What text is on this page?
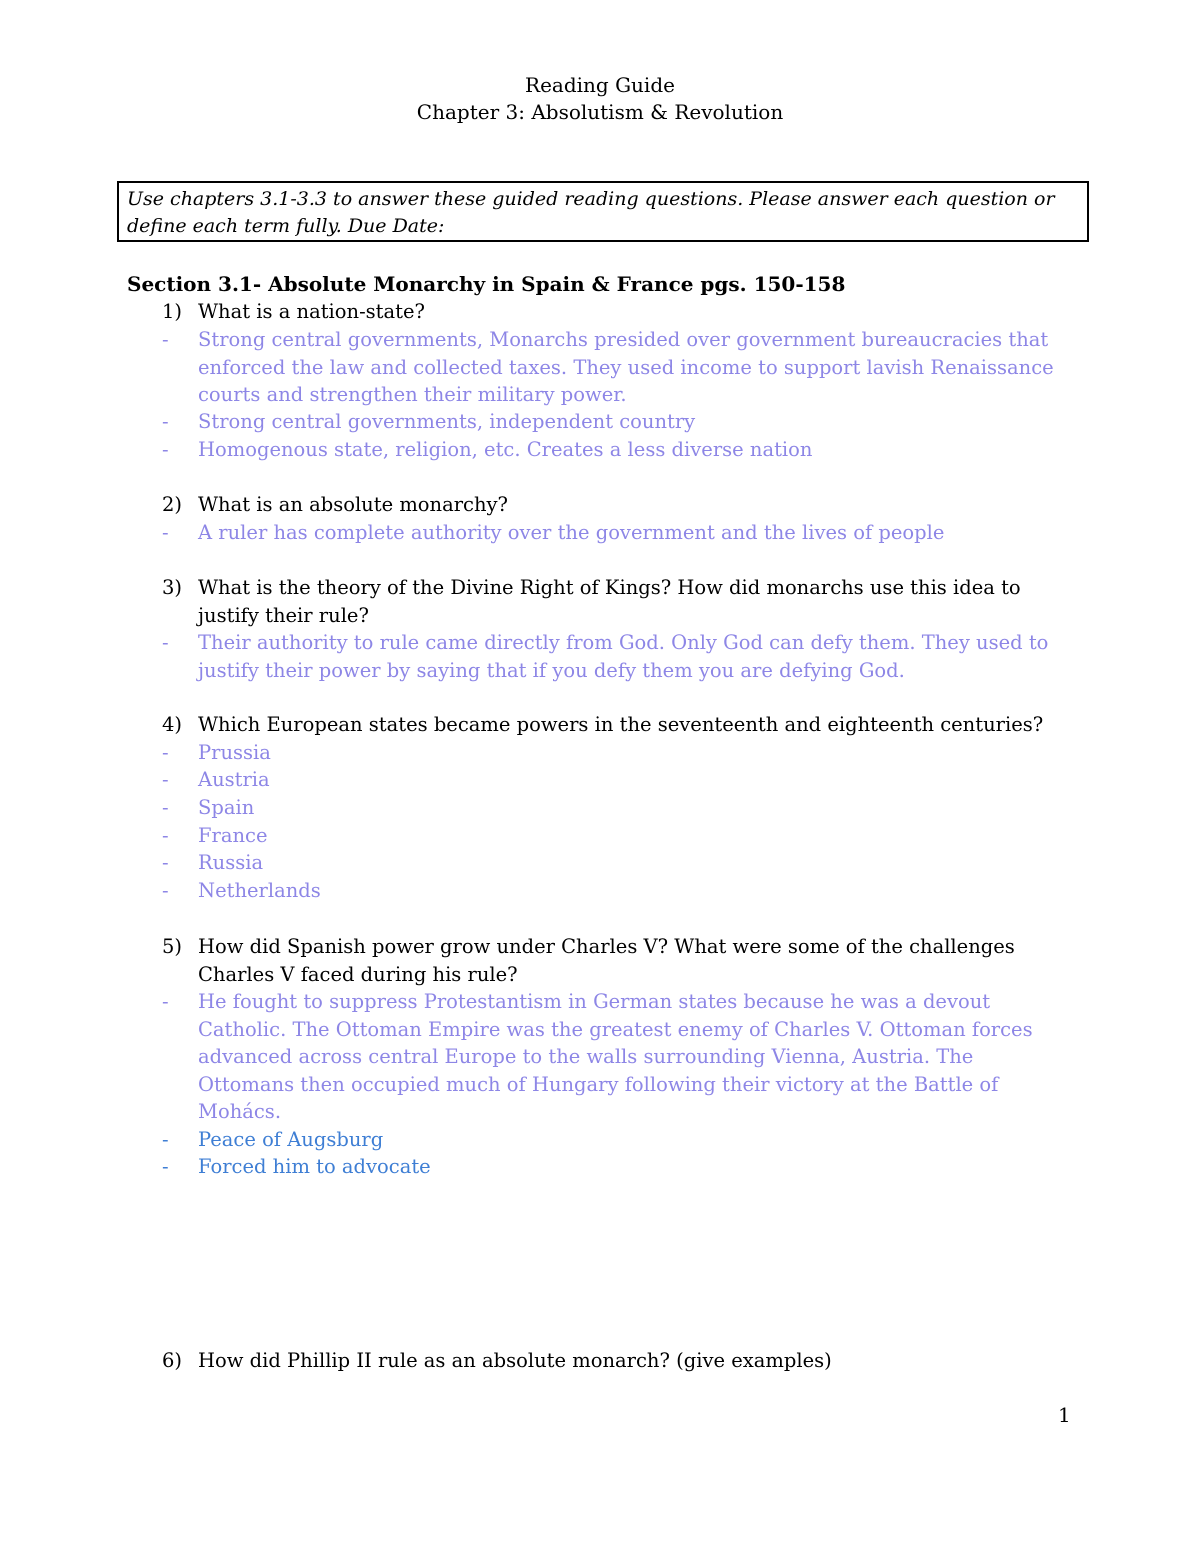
Reading Guide
Chapter 3: Absolutism & Revolution
Use chapters 3.1-3.3 to answer these guided reading questions. Please answer each question or define each term fully. Due Date:
Section 3.1- Absolute Monarchy in Spain & France pgs. 150-158
1) What is a nation-state?
-	Strong central governments, Monarchs presided over government bureaucracies that enforced the law and collected taxes. They used income to support lavish Renaissance courts and strengthen their military power.
-	Strong central governments, independent country
-	Homogenous state, religion, etc. Creates a less diverse nation
2) What is an absolute monarchy?
-	A ruler has complete authority over the government and the lives of people
3) What is the theory of the Divine Right of Kings? How did monarchs use this idea to justify their rule?
-	Their authority to rule came directly from God. Only God can defy them. They used to justify their power by saying that if you defy them you are defying God.
4) Which European states became powers in the seventeenth and eighteenth centuries?
-	Prussia
-	Austria
-	Spain
-	France
-	Russia
-	Netherlands
5) How did Spanish power grow under Charles V? What were some of the challenges Charles V faced during his rule?
-	He fought to suppress Protestantism in German states because he was a devout Catholic. The Ottoman Empire was the greatest enemy of Charles V. Ottoman forces advanced across central Europe to the walls surrounding Vienna, Austria. The Ottomans then occupied much of Hungary following their victory at the Battle of Mohács.
-	Peace of Augsburg
-	Forced him to advocate
6) How did Phillip II rule as an absolute monarch? (give examples)
1
